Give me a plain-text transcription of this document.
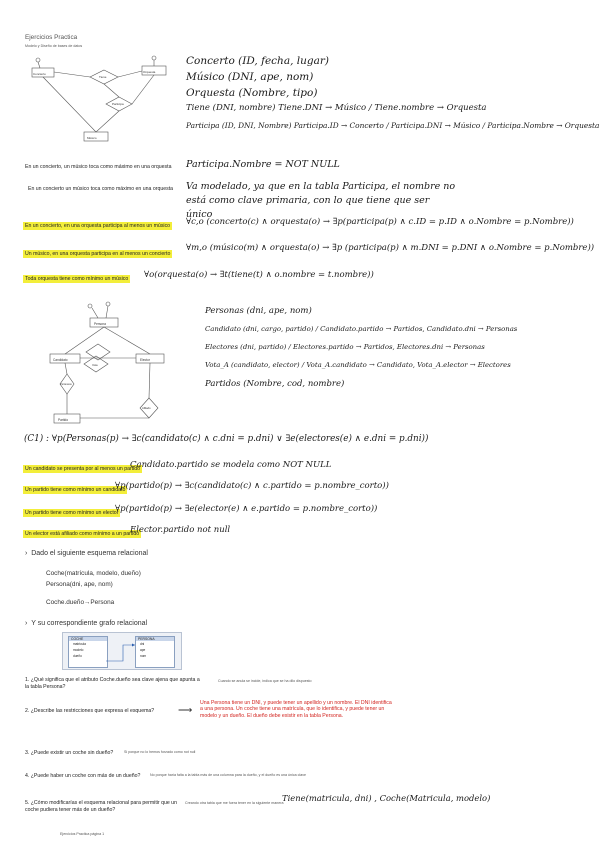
Ejercicios Practica
Modelo y Diseño de bases de datos
Concierto	Orquesta
Músico
Tiene
Participa
Concerto (ID, fecha, lugar)
Músico (DNI, ape, nom)
Orquesta (Nombre, tipo)
Tiene (DNI, nombre) Tiene.DNI → Músico / Tiene.nombre → Orquesta
Participa (ID, DNI, Nombre) Participa.ID → Concerto / Participa.DNI → Músico / Participa.Nombre → Orquesta
En un concierto, un músico toca como máximo en una orquesta Participa.Nombre = NOT NULL
En un concierto un músico toca como máximo en una orquesta Va modelado, ya que en la tabla Participa, el nombre no está como clave primaria, con lo que tiene que ser único
En un concierto, en una orquesta participa al menos un músico ∀c,o (concerto(c) ∧ orquesta(o) → ∃p(participa(p) ∧ c.ID = p.ID ∧ o.Nombre = p.Nombre))
Un músico, en una orquesta participa en al menos un concierto
∀m,o (músico(m) ∧ orquesta(o) → ∃p (participa(p) ∧ m.DNI = p.DNI ∧ o.Nombre = p.Nombre))
Toda orquesta tiene como mínimo un músico ∀o(orquesta(o) → ∃t(tiene(t) ∧ o.nombre = t.nombre))
Persona
Candidato	Elector
Partido
Vota
Pertenece
Afiliado
Personas (dni, ape, nom)
Candidato (dni, cargo, partido) / Candidato.partido → Partidos, Candidato.dni → Personas
Electores (dni, partido) / Electores.partido → Partidos, Electores.dni → Personas
Vota_A (candidato, elector) / Vota_A.candidato → Candidato, Vota_A.elector → Electores
Partidos (Nombre, cod, nombre)
(C1) : ∀p(Personas(p) → ∃c(candidato(c) ∧ c.dni = p.dni) ∨ ∃e(electores(e) ∧ e.dni = p.dni))
Un candidato se presenta por al menos un partido
Candidato.partido se modela como NOT NULL
Un partido tiene como mínimo un candidato
∀p(partido(p) → ∃c(candidato(c) ∧ c.partido = p.nombre_corto))
Un partido tiene como mínimo un elector
∀p(partido(p) → ∃e(elector(e) ∧ e.partido = p.nombre_corto))
Un elector está afiliado como mínimo a un partido
Elector.partido not null
› Dado el siguiente esquema relacional
Coche(matrícula, modelo, dueño)
Persona(dni, ape, nom)
Coche.dueño→Persona
› Y su correspondiente grafo relacional
COCHE
matricula
modelo
dueño
PERSONA
dni
ape
nom
1. ¿Qué significa que el atributo Coche.dueño sea clave ajena que apunta a la tabla Persona?
Cuando se anula se incide, indica que se ha dilo dispuesto
2. ¿Describe las restricciones que expresa el esquema?	⟶
Una Persona tiene un DNI, y puede tener un apellido y un nombre. El DNI identifica a una persona. Un coche tiene una matrícula, que lo identifica, y puede tener un modelo y un dueño. El dueño debe existir en la tabla Persona.
3. ¿Puede existir un coche sin dueño?	Si porque no lo hemos forzado como not null
4. ¿Puede haber un coche con más de un dueño?	No porque haría falta a la tabla más de una columna para la dueño, y el dueño es una única clave
5. ¿Cómo modificarías el esquema relacional para permitir que un coche pudiera tener más de un dueño?
Creando otra tabla que me fuera tener en la siguiente manera
Tiene(matricula, dni) , Coche(Matricula, modelo)
Ejercicios Practica página 1
